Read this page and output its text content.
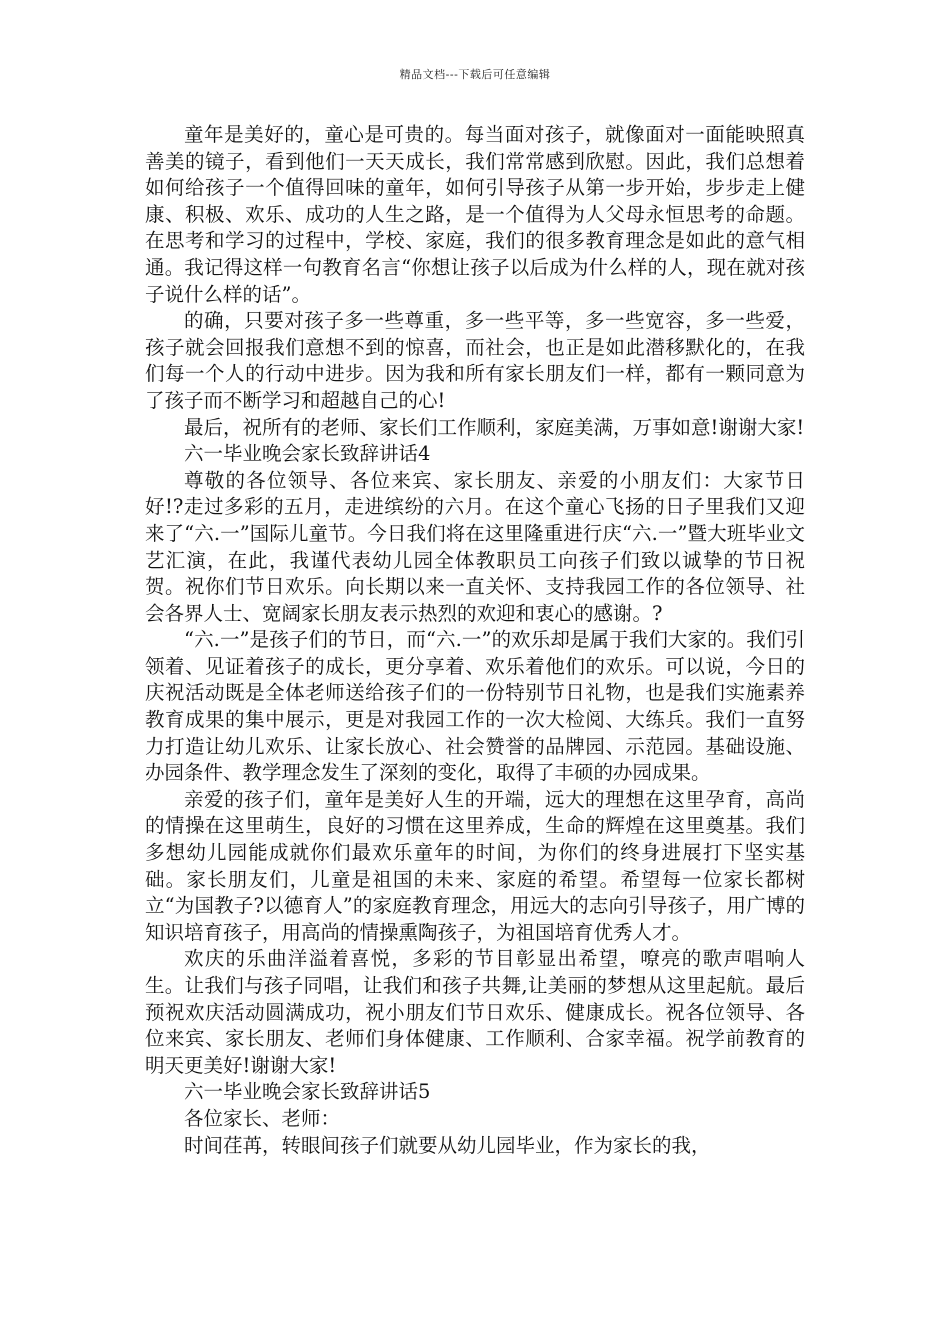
精品文档---下载后可任意编辑

童年是美好的，童心是可贵的。每当面对孩子，就像面对一面能映照真善美的镜子，看到他们一天天成长，我们常常感到欣慰。因此，我们总想着如何给孩子一个值得回味的童年，如何引导孩子从第一步开始，步步走上健康、积极、欢乐、成功的人生之路，是一个值得为人父母永恒思考的命题。在思考和学习的过程中，学校、家庭，我们的很多教育理念是如此的意气相通。我记得这样一句教育名言“你想让孩子以后成为什么样的人，现在就对孩子说什么样的话”。

的确，只要对孩子多一些尊重，多一些平等，多一些宽容，多一些爱，孩子就会回报我们意想不到的惊喜，而社会，也正是如此潜移默化的，在我们每一个人的行动中进步。因为我和所有家长朋友们一样，都有一颗同意为了孩子而不断学习和超越自己的心!

最后，祝所有的老师、家长们工作顺利，家庭美满，万事如意!谢谢大家!

六一毕业晚会家长致辞讲话4

尊敬的各位领导、各位来宾、家长朋友、亲爱的小朋友们：大家节日好!?走过多彩的五月，走进缤纷的六月。在这个童心飞扬的日子里我们又迎来了“六.一”国际儿童节。今日我们将在这里隆重进行庆“六.一”暨大班毕业文艺汇演，在此，我谨代表幼儿园全体教职员工向孩子们致以诚挚的节日祝贺。祝你们节日欢乐。向长期以来一直关怀、支持我园工作的各位领导、社会各界人士、宽阔家长朋友表示热烈的欢迎和衷心的感谢。?

“六.一”是孩子们的节日，而“六.一”的欢乐却是属于我们大家的。我们引领着、见证着孩子的成长，更分享着、欢乐着他们的欢乐。可以说，今日的庆祝活动既是全体老师送给孩子们的一份特别节日礼物，也是我们实施素养教育成果的集中展示，更是对我园工作的一次大检阅、大练兵。我们一直努力打造让幼儿欢乐、让家长放心、社会赞誉的品牌园、示范园。基础设施、办园条件、教学理念发生了深刻的变化，取得了丰硕的办园成果。

亲爱的孩子们，童年是美好人生的开端，远大的理想在这里孕育，高尚的情操在这里萌生，良好的习惯在这里养成，生命的辉煌在这里奠基。我们多想幼儿园能成就你们最欢乐童年的时间，为你们的终身进展打下坚实基础。家长朋友们，儿童是祖国的未来、家庭的希望。希望每一位家长都树立“为国教子?以德育人”的家庭教育理念，用远大的志向引导孩子，用广博的知识培育孩子，用高尚的情操熏陶孩子，为祖国培育优秀人才。

欢庆的乐曲洋溢着喜悦，多彩的节目彰显出希望，嘹亮的歌声唱响人生。让我们与孩子同唱，让我们和孩子共舞,让美丽的梦想从这里起航。最后预祝欢庆活动圆满成功，祝小朋友们节日欢乐、健康成长。祝各位领导、各位来宾、家长朋友、老师们身体健康、工作顺利、合家幸福。祝学前教育的明天更美好!谢谢大家!

六一毕业晚会家长致辞讲话5

各位家长、老师：

时间荏苒，转眼间孩子们就要从幼儿园毕业，作为家长的我，
